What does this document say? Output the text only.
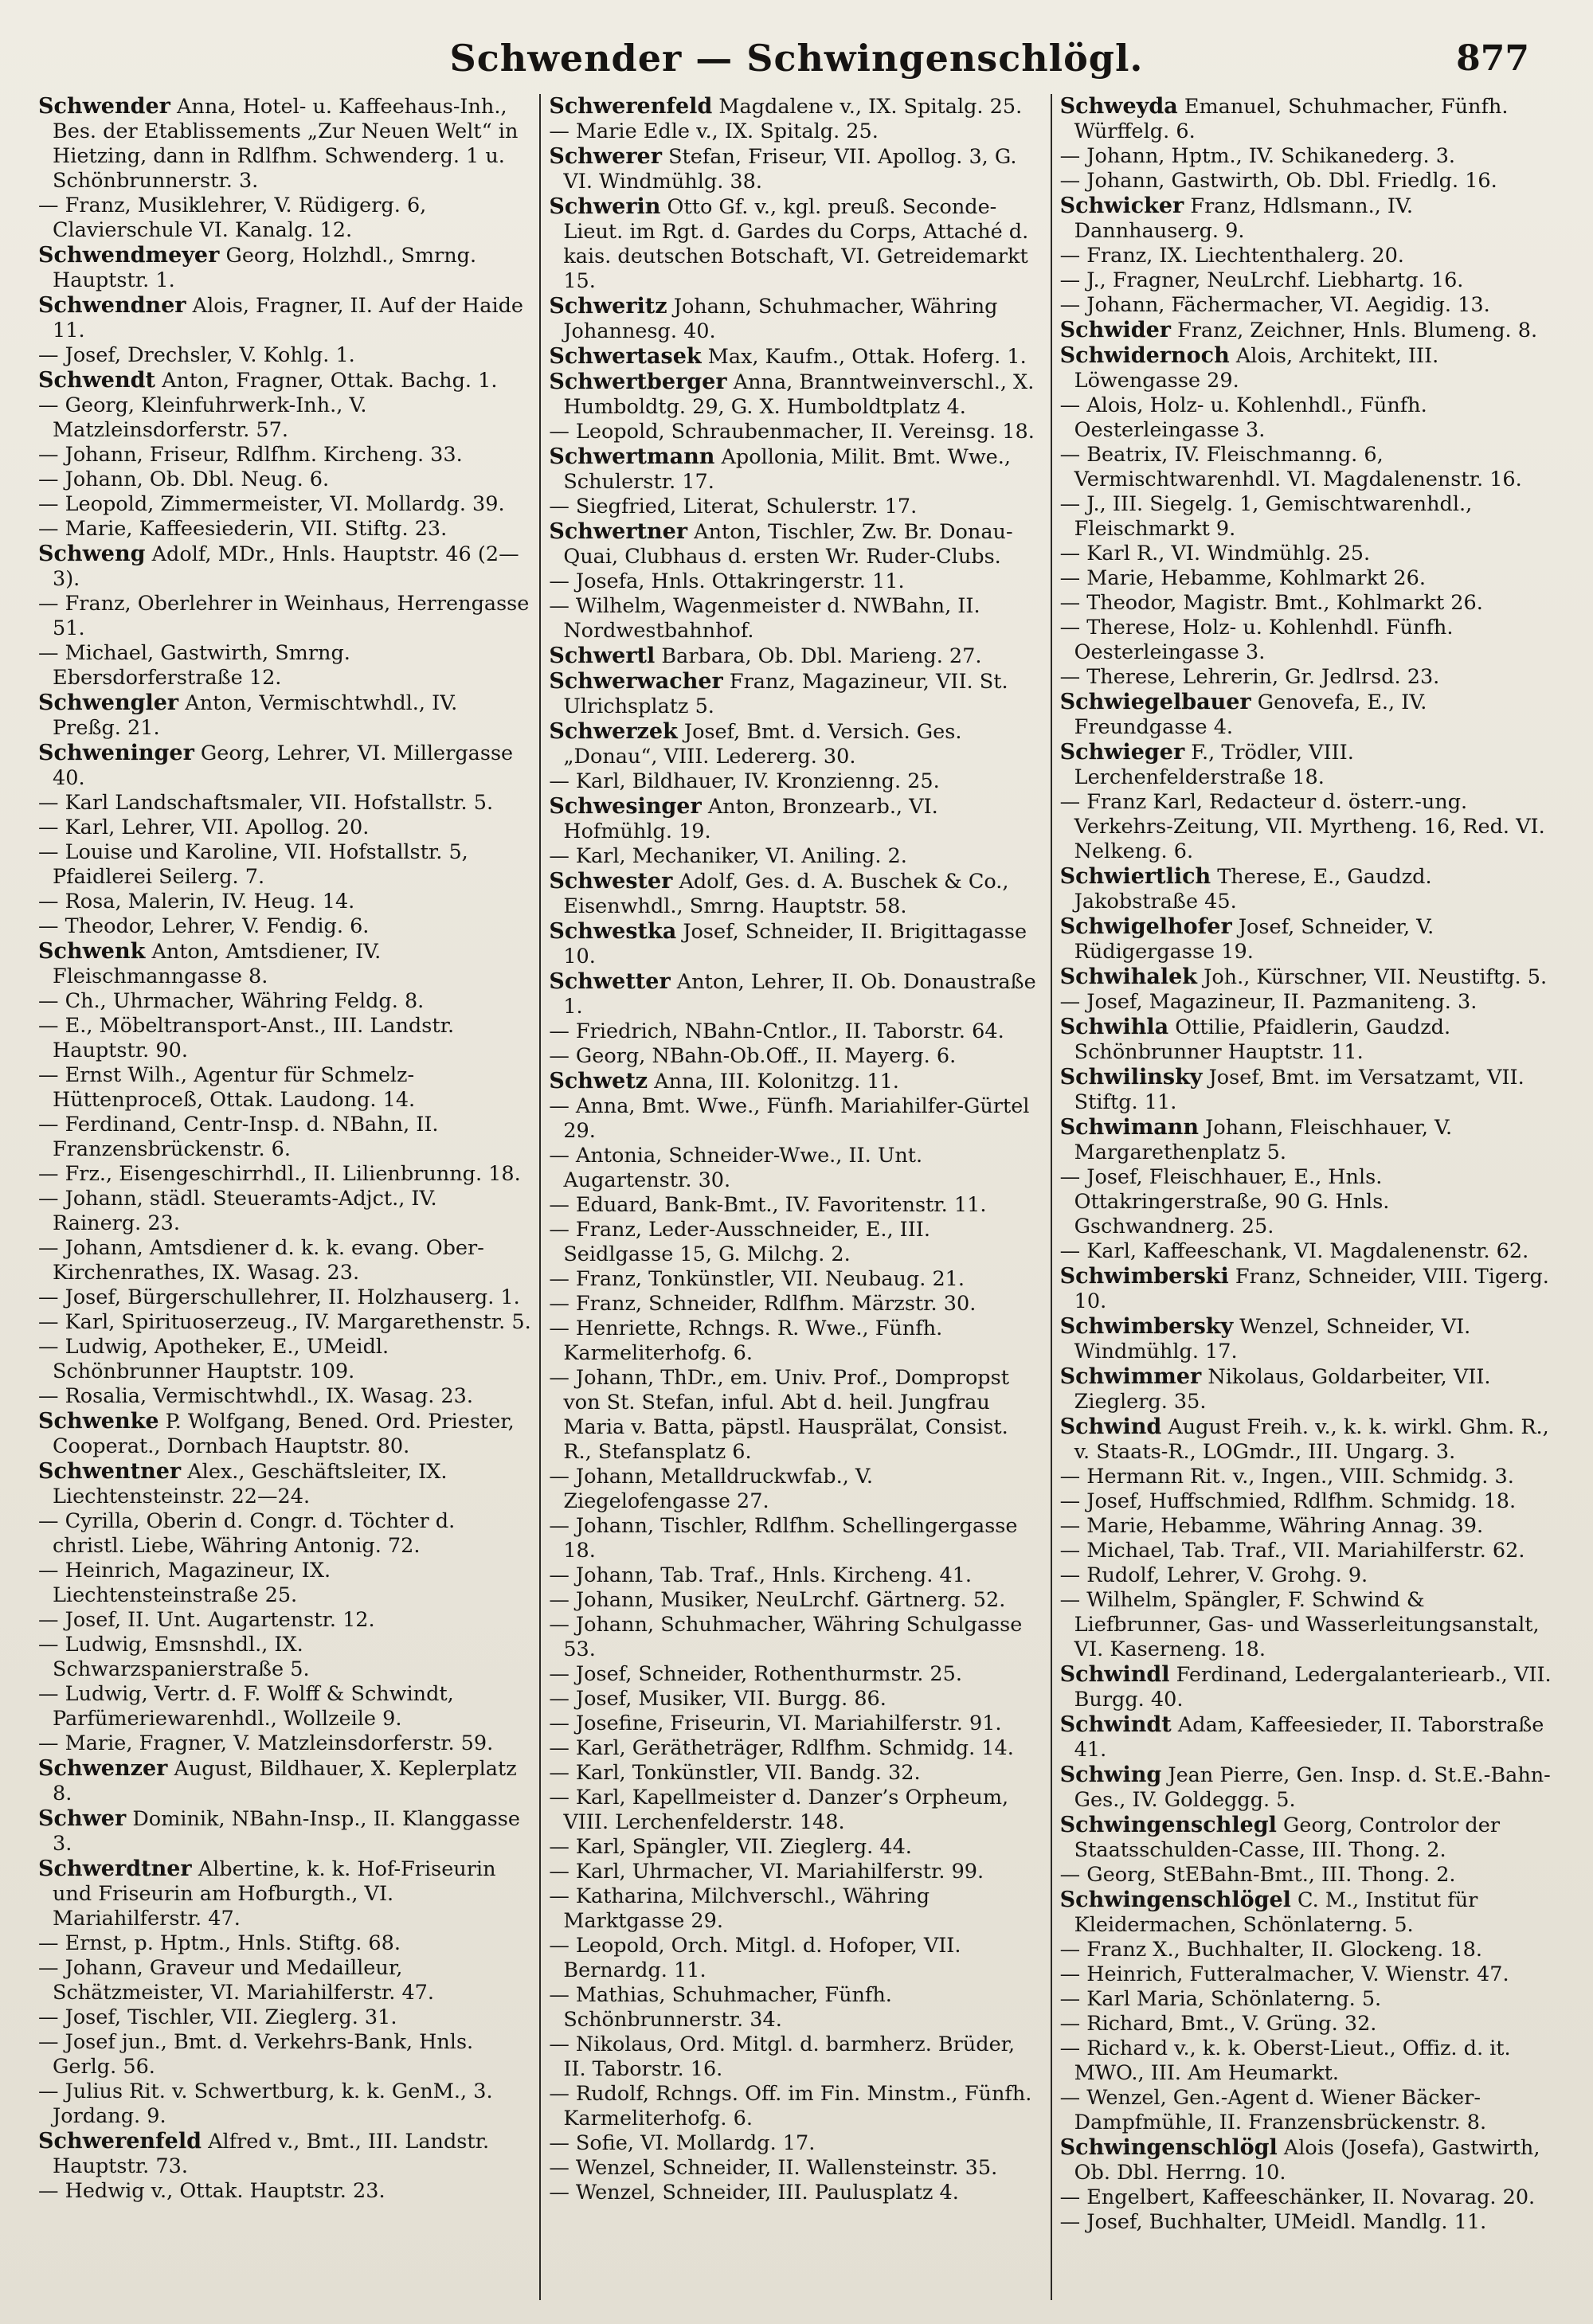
Schwender — Schwingenschlögl.	877

Schwender Anna, Hotel- u. Kaffeehaus-Inh., Bes. der Etablissements „Zur Neuen Welt“ in Hietzing, dann in Rdlfhm. Schwenderg. 1 u. Schönbrunnerstr. 3.

— Franz, Musiklehrer, V. Rüdigerg. 6, Clavierschule VI. Kanalg. 12.

Schwendmeyer Georg, Holzhdl., Smrng. Hauptstr. 1.

Schwendner Alois, Fragner, II. Auf der Haide 11.

— Josef, Drechsler, V. Kohlg. 1.

Schwendt Anton, Fragner, Ottak. Bachg. 1.

— Georg, Kleinfuhrwerk-Inh., V. Matzleinsdorferstr. 57.

— Johann, Friseur, Rdlfhm. Kircheng. 33.

— Johann, Ob. Dbl. Neug. 6.

— Leopold, Zimmermeister, VI. Mollardg. 39.

— Marie, Kaffeesiederin, VII. Stiftg. 23.

Schweng Adolf, MDr., Hnls. Hauptstr. 46 (2—3).

— Franz, Oberlehrer in Weinhaus, Herrengasse 51.

— Michael, Gastwirth, Smrng. Ebersdorferstraße 12.

Schwengler Anton, Vermischtwhdl., IV. Preßg. 21.

Schweninger Georg, Lehrer, VI. Millergasse 40.

— Karl Landschaftsmaler, VII. Hofstallstr. 5.

— Karl, Lehrer, VII. Apollog. 20.

— Louise und Karoline, VII. Hofstallstr. 5, Pfaidlerei Seilerg. 7.

— Rosa, Malerin, IV. Heug. 14.

— Theodor, Lehrer, V. Fendig. 6.

Schwenk Anton, Amtsdiener, IV. Fleischmanngasse 8.

— Ch., Uhrmacher, Währing Feldg. 8.

— E., Möbeltransport-Anst., III. Landstr. Hauptstr. 90.

— Ernst Wilh., Agentur für Schmelz-Hüttenproceß, Ottak. Laudong. 14.

— Ferdinand, Centr-Insp. d. NBahn, II. Franzensbrückenstr. 6.

— Frz., Eisengeschirrhdl., II. Lilienbrunng. 18.

— Johann, städl. Steueramts-Adjct., IV. Rainerg. 23.

— Johann, Amtsdiener d. k. k. evang. Ober-Kirchenrathes, IX. Wasag. 23.

— Josef, Bürgerschullehrer, II. Holzhauserg. 1.

— Karl, Spirituoserzeug., IV. Margarethenstr. 5.

— Ludwig, Apotheker, E., UMeidl. Schönbrunner Hauptstr. 109.

— Rosalia, Vermischtwhdl., IX. Wasag. 23.

Schwenke P. Wolfgang, Bened. Ord. Priester, Cooperat., Dornbach Hauptstr. 80.

Schwentner Alex., Geschäftsleiter, IX. Liechtensteinstr. 22—24.

— Cyrilla, Oberin d. Congr. d. Töchter d. christl. Liebe, Währing Antonig. 72.

— Heinrich, Magazineur, IX. Liechtensteinstraße 25.

— Josef, II. Unt. Augartenstr. 12.

— Ludwig, Emsnshdl., IX. Schwarzspanierstraße 5.

— Ludwig, Vertr. d. F. Wolff & Schwindt, Parfümeriewarenhdl., Wollzeile 9.

— Marie, Fragner, V. Matzleinsdorferstr. 59.

Schwenzer August, Bildhauer, X. Keplerplatz 8.

Schwer Dominik, NBahn-Insp., II. Klanggasse 3.

Schwerdtner Albertine, k. k. Hof-Friseurin und Friseurin am Hofburgth., VI. Mariahilferstr. 47.

— Ernst, p. Hptm., Hnls. Stiftg. 68.

— Johann, Graveur und Medailleur, Schätzmeister, VI. Mariahilferstr. 47.

— Josef, Tischler, VII. Zieglerg. 31.

— Josef jun., Bmt. d. Verkehrs-Bank, Hnls. Gerlg. 56.

— Julius Rit. v. Schwertburg, k. k. GenM., 3. Jordang. 9.

Schwerenfeld Alfred v., Bmt., III. Landstr. Hauptstr. 73.

— Hedwig v., Ottak. Hauptstr. 23.

Schwerenfeld Magdalene v., IX. Spitalg. 25.

— Marie Edle v., IX. Spitalg. 25.

Schwerer Stefan, Friseur, VII. Apollog. 3, G. VI. Windmühlg. 38.

Schwerin Otto Gf. v., kgl. preuß. Seconde-Lieut. im Rgt. d. Gardes du Corps, Attaché d. kais. deutschen Botschaft, VI. Getreidemarkt 15.

Schweritz Johann, Schuhmacher, Währing Johannesg. 40.

Schwertasek Max, Kaufm., Ottak. Hoferg. 1.

Schwertberger Anna, Branntweinverschl., X. Humboldtg. 29, G. X. Humboldtplatz 4.

— Leopold, Schraubenmacher, II. Vereinsg. 18.

Schwertmann Apollonia, Milit. Bmt. Wwe., Schulerstr. 17.

— Siegfried, Literat, Schulerstr. 17.

Schwertner Anton, Tischler, Zw. Br. Donau-Quai, Clubhaus d. ersten Wr. Ruder-Clubs.

— Josefa, Hnls. Ottakringerstr. 11.

— Wilhelm, Wagenmeister d. NWBahn, II. Nordwestbahnhof.

Schwertl Barbara, Ob. Dbl. Marieng. 27.

Schwerwacher Franz, Magazineur, VII. St. Ulrichsplatz 5.

Schwerzek Josef, Bmt. d. Versich. Ges. „Donau“, VIII. Ledererg. 30.

— Karl, Bildhauer, IV. Kronzienng. 25.

Schwesinger Anton, Bronzearb., VI. Hofmühlg. 19.

— Karl, Mechaniker, VI. Aniling. 2.

Schwester Adolf, Ges. d. A. Buschek & Co., Eisenwhdl., Smrng. Hauptstr. 58.

Schwestka Josef, Schneider, II. Brigittagasse 10.

Schwetter Anton, Lehrer, II. Ob. Donaustraße 1.

— Friedrich, NBahn-Cntlor., II. Taborstr. 64.

— Georg, NBahn-Ob.Off., II. Mayerg. 6.

Schwetz Anna, III. Kolonitzg. 11.

— Anna, Bmt. Wwe., Fünfh. Mariahilfer-Gürtel 29.

— Antonia, Schneider-Wwe., II. Unt. Augartenstr. 30.

— Eduard, Bank-Bmt., IV. Favoritenstr. 11.

— Franz, Leder-Ausschneider, E., III. Seidlgasse 15, G. Milchg. 2.

— Franz, Tonkünstler, VII. Neubaug. 21.

— Franz, Schneider, Rdlfhm. Märzstr. 30.

— Henriette, Rchngs. R. Wwe., Fünfh. Karmeliterhofg. 6.

— Johann, ThDr., em. Univ. Prof., Dompropst von St. Stefan, inful. Abt d. heil. Jungfrau Maria v. Batta, päpstl. Hausprälat, Consist. R., Stefansplatz 6.

— Johann, Metalldruckwfab., V. Ziegelofengasse 27.

— Johann, Tischler, Rdlfhm. Schellingergasse 18.

— Johann, Tab. Traf., Hnls. Kircheng. 41.

— Johann, Musiker, NeuLrchf. Gärtnerg. 52.

— Johann, Schuhmacher, Währing Schulgasse 53.

— Josef, Schneider, Rothenthurmstr. 25.

— Josef, Musiker, VII. Burgg. 86.

— Josefine, Friseurin, VI. Mariahilferstr. 91.

— Karl, Gerätheträger, Rdlfhm. Schmidg. 14.

— Karl, Tonkünstler, VII. Bandg. 32.

— Karl, Kapellmeister d. Danzer’s Orpheum, VIII. Lerchenfelderstr. 148.

— Karl, Spängler, VII. Zieglerg. 44.

— Karl, Uhrmacher, VI. Mariahilferstr. 99.

— Katharina, Milchverschl., Währing Marktgasse 29.

— Leopold, Orch. Mitgl. d. Hofoper, VII. Bernardg. 11.

— Mathias, Schuhmacher, Fünfh. Schönbrunnerstr. 34.

— Nikolaus, Ord. Mitgl. d. barmherz. Brüder, II. Taborstr. 16.

— Rudolf, Rchngs. Off. im Fin. Minstm., Fünfh. Karmeliterhofg. 6.

— Sofie, VI. Mollardg. 17.

— Wenzel, Schneider, II. Wallensteinstr. 35.

— Wenzel, Schneider, III. Paulusplatz 4.

Schweyda Emanuel, Schuhmacher, Fünfh. Würffelg. 6.

— Johann, Hptm., IV. Schikanederg. 3.

— Johann, Gastwirth, Ob. Dbl. Friedlg. 16.

Schwicker Franz, Hdlsmann., IV. Dannhauserg. 9.

— Franz, IX. Liechtenthalerg. 20.

— J., Fragner, NeuLrchf. Liebhartg. 16.

— Johann, Fächermacher, VI. Aegidig. 13.

Schwider Franz, Zeichner, Hnls. Blumeng. 8.

Schwidernoch Alois, Architekt, III. Löwengasse 29.

— Alois, Holz- u. Kohlenhdl., Fünfh. Oesterleingasse 3.

— Beatrix, IV. Fleischmanng. 6, Vermischtwarenhdl. VI. Magdalenenstr. 16.

— J., III. Siegelg. 1, Gemischtwarenhdl., Fleischmarkt 9.

— Karl R., VI. Windmühlg. 25.

— Marie, Hebamme, Kohlmarkt 26.

— Theodor, Magistr. Bmt., Kohlmarkt 26.

— Therese, Holz- u. Kohlenhdl. Fünfh. Oesterleingasse 3.

— Therese, Lehrerin, Gr. Jedlrsd. 23.

Schwiegelbauer Genovefa, E., IV. Freundgasse 4.

Schwieger F., Trödler, VIII. Lerchenfelderstraße 18.

— Franz Karl, Redacteur d. österr.-ung. Verkehrs-Zeitung, VII. Myrtheng. 16, Red. VI. Nelkeng. 6.

Schwiertlich Therese, E., Gaudzd. Jakobstraße 45.

Schwigelhofer Josef, Schneider, V. Rüdigergasse 19.

Schwihalek Joh., Kürschner, VII. Neustiftg. 5.

— Josef, Magazineur, II. Pazmaniteng. 3.

Schwihla Ottilie, Pfaidlerin, Gaudzd. Schönbrunner Hauptstr. 11.

Schwilinsky Josef, Bmt. im Versatzamt, VII. Stiftg. 11.

Schwimann Johann, Fleischhauer, V. Margarethenplatz 5.

— Josef, Fleischhauer, E., Hnls. Ottakringerstraße, 90 G. Hnls. Gschwandnerg. 25.

— Karl, Kaffeeschank, VI. Magdalenenstr. 62.

Schwimberski Franz, Schneider, VIII. Tigerg. 10.

Schwimbersky Wenzel, Schneider, VI. Windmühlg. 17.

Schwimmer Nikolaus, Goldarbeiter, VII. Zieglerg. 35.

Schwind August Freih. v., k. k. wirkl. Ghm. R., v. Staats-R., LOGmdr., III. Ungarg. 3.

— Hermann Rit. v., Ingen., VIII. Schmidg. 3.

— Josef, Huffschmied, Rdlfhm. Schmidg. 18.

— Marie, Hebamme, Währing Annag. 39.

— Michael, Tab. Traf., VII. Mariahilferstr. 62.

— Rudolf, Lehrer, V. Grohg. 9.

— Wilhelm, Spängler, F. Schwind & Liefbrunner, Gas- und Wasserleitungsanstalt, VI. Kaserneng. 18.

Schwindl Ferdinand, Ledergalanteriearb., VII. Burgg. 40.

Schwindt Adam, Kaffeesieder, II. Taborstraße 41.

Schwing Jean Pierre, Gen. Insp. d. St.E.-Bahn-Ges., IV. Goldeggg. 5.

Schwingenschlegl Georg, Controlor der Staatsschulden-Casse, III. Thong. 2.

— Georg, StEBahn-Bmt., III. Thong. 2.

Schwingenschlögel C. M., Institut für Kleidermachen, Schönlaterng. 5.

— Franz X., Buchhalter, II. Glockeng. 18.

— Heinrich, Futteralmacher, V. Wienstr. 47.

— Karl Maria, Schönlaterng. 5.

— Richard, Bmt., V. Grüng. 32.

— Richard v., k. k. Oberst-Lieut., Offiz. d. it. MWO., III. Am Heumarkt.

— Wenzel, Gen.-Agent d. Wiener Bäcker-Dampfmühle, II. Franzensbrückenstr. 8.

Schwingenschlögl Alois (Josefa), Gastwirth, Ob. Dbl. Herrng. 10.

— Engelbert, Kaffeeschänker, II. Novarag. 20.

— Josef, Buchhalter, UMeidl. Mandlg. 11.
